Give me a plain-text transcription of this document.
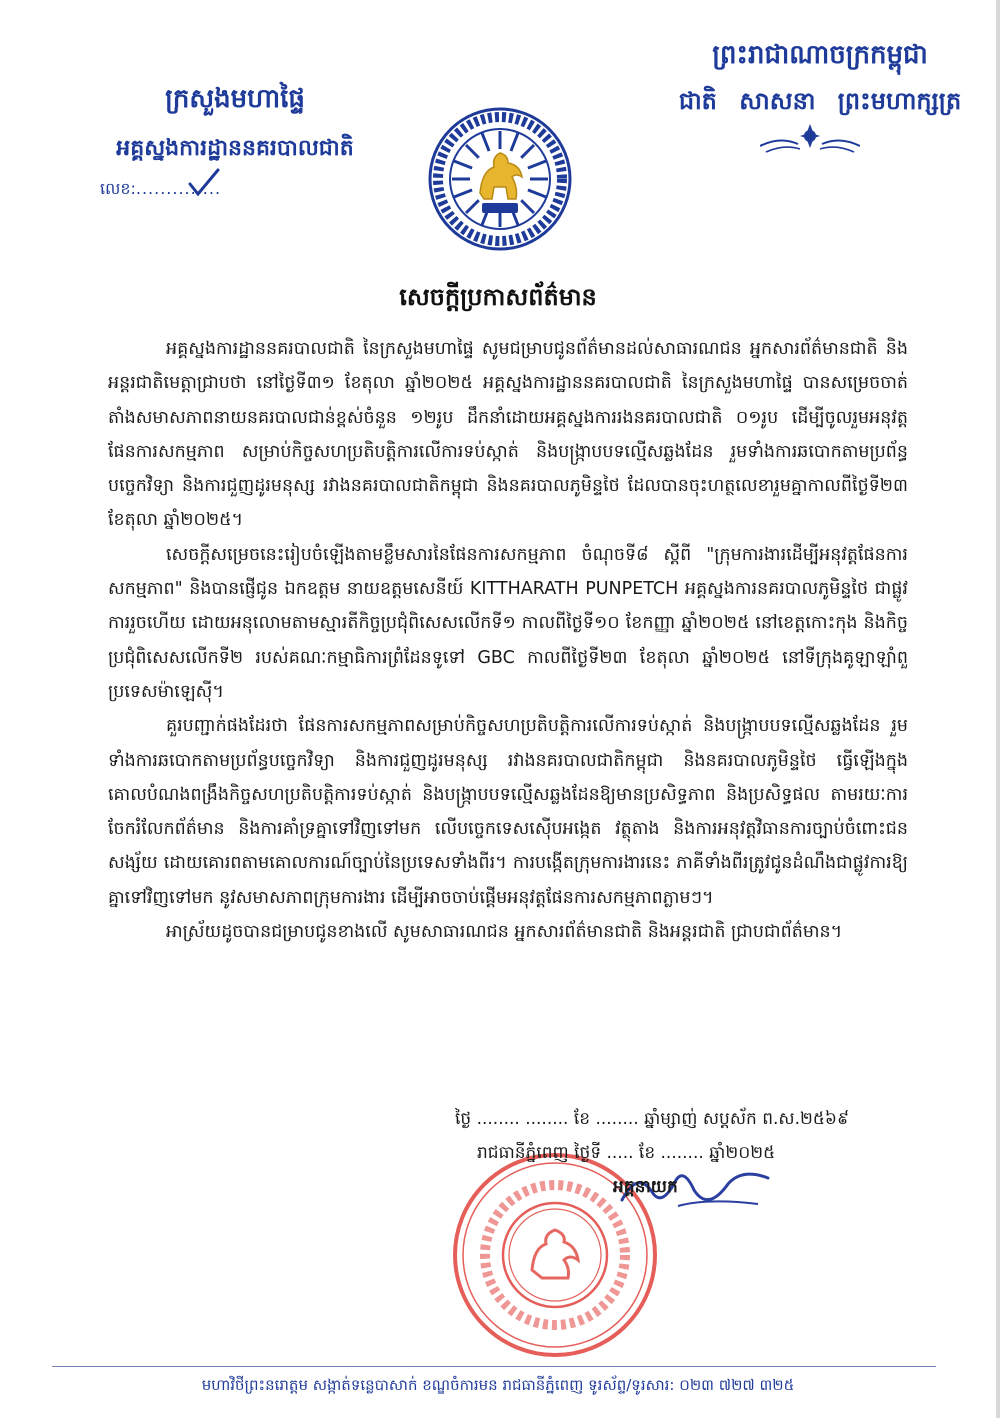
ព្រះរាជាណាចក្រកម្ពុជា
ជាតិ សាសនា ព្រះមហាក្សត្រ
ក្រសួងមហាផ្ទៃ
អគ្គស្នងការដ្ឋាននគរបាលជាតិ
លេខ:..............
សេចក្តីប្រកាសព័ត៌មាន

អគ្គស្នងការដ្ឋាននគរបាលជាតិ នៃក្រសួងមហាផ្ទៃ សូមជម្រាបជូនព័ត៌មានដល់សាធារណជន អ្នកសារព័ត៌មានជាតិ និងអន្តរជាតិមេត្តាជ្រាបថា នៅថ្ងៃទី៣១ ខែតុលា ឆ្នាំ២០២៥ អគ្គស្នងការដ្ឋាននគរបាលជាតិ នៃក្រសួងមហាផ្ទៃ បានសម្រេចចាត់តាំងសមាសភាពនាយនគរបាលជាន់ខ្ពស់ចំនួន ១២រូប ដឹកនាំដោយអគ្គស្នងការរងនគរបាលជាតិ ០១រូប ដើម្បីចូលរួមអនុវត្តផែនការសកម្មភាព សម្រាប់កិច្ចសហប្រតិបត្តិការលើការទប់ស្កាត់ និងបង្ក្រាបបទល្មើសឆ្លងដែន រួមទាំងការឆបោកតាមប្រព័ន្ធបច្ចេកវិទ្យា និងការជួញដូរមនុស្ស រវាងនគរបាលជាតិកម្ពុជា និងនគរបាលភូមិន្ទថៃ ដែលបានចុះហត្ថលេខារួមគ្នាកាលពីថ្ងៃទី២៣ ខែតុលា ឆ្នាំ២០២៥។

សេចក្តីសម្រេចនេះរៀបចំឡើងតាមខ្លឹមសារនៃផែនការសកម្មភាព ចំណុចទី៨ ស្តីពី "ក្រុមការងារដើម្បីអនុវត្តផែនការសកម្មភាព" និងបានផ្ញើជូន ឯកឧត្តម នាយឧត្តមសេនីយ៍ KITTHARATH PUNPETCH អគ្គស្នងការនគរបាលភូមិន្ទថៃ ជាផ្លូវការរួចហើយ ដោយអនុលោមតាមស្មារតីកិច្ចប្រជុំពិសេសលើកទី១ កាលពីថ្ងៃទី១០ ខែកញ្ញា ឆ្នាំ២០២៥ នៅខេត្តកោះកុង និងកិច្ចប្រជុំពិសេសលើកទី២ របស់គណៈកម្មាធិការព្រំដែនទូទៅ GBC កាលពីថ្ងៃទី២៣ ខែតុលា ឆ្នាំ២០២៥ នៅទីក្រុងគូឡាឡាំពួ ប្រទេសម៉ាឡេស៊ី។

គួរបញ្ជាក់ផងដែរថា ផែនការសកម្មភាពសម្រាប់កិច្ចសហប្រតិបត្តិការលើការទប់ស្កាត់ និងបង្ក្រាបបទល្មើសឆ្លងដែន រួមទាំងការឆបោកតាមប្រព័ន្ធបច្ចេកវិទ្យា និងការជួញដូរមនុស្ស រវាងនគរបាលជាតិកម្ពុជា និងនគរបាលភូមិន្ទថៃ ធ្វើឡើងក្នុងគោលបំណងពង្រឹងកិច្ចសហប្រតិបត្តិការទប់ស្កាត់ និងបង្ក្រាបបទល្មើសឆ្លងដែនឱ្យមានប្រសិទ្ធភាព និងប្រសិទ្ធផល តាមរយៈការចែករំលែកព័ត៌មាន និងការគាំទ្រគ្នាទៅវិញទៅមក លើបច្ចេកទេសស៊ើបអង្កេត វត្ថុតាង និងការអនុវត្តវិធានការច្បាប់ចំពោះជនសង្ស័យ ដោយគោរពតាមគោលការណ៍ច្បាប់នៃប្រទេសទាំងពីរ។ ការបង្កើតក្រុមការងារនេះ ភាគីទាំងពីរត្រូវជូនដំណឹងជាផ្លូវការឱ្យគ្នាទៅវិញទៅមក នូវសមាសភាពក្រុមការងារ ដើម្បីអាចចាប់ផ្តើមអនុវត្តផែនការសកម្មភាពភ្លាមៗ។

អាស្រ័យដូចបានជម្រាបជូនខាងលើ សូមសាធារណជន អ្នកសារព័ត៌មានជាតិ និងអន្តរជាតិ ជ្រាបជាព័ត៌មាន។

ថ្ងៃ ........ ........ ខែ ........ ឆ្នាំម្សាញ់ សប្តស័ក ព.ស.២៥៦៩
រាជធានីភ្នំពេញ ថ្ងៃទី ..... ខែ ........ ឆ្នាំ២០២៥
អគ្គនាយក
មហាវិថីព្រះនរោត្តម សង្កាត់ទន្លេបាសាក់ ខណ្ឌចំការមន រាជធានីភ្នំពេញ ទូរស័ព្ទ/ទូរសារ: ០២៣ ៧២៧ ៣២៥
